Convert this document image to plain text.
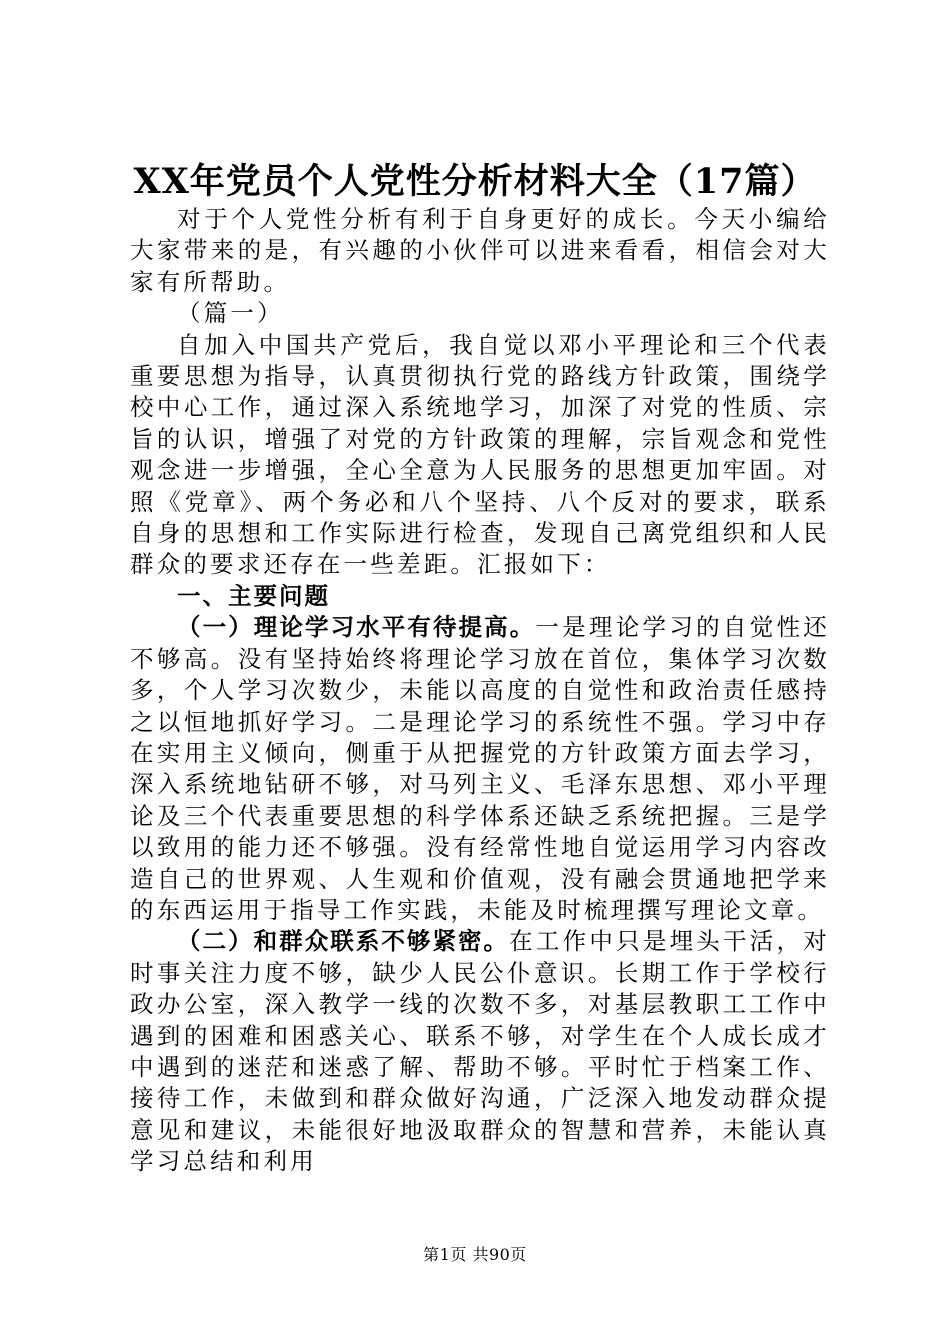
XX年党员个人党性分析材料大全（17篇）

对于个人党性分析有利于自身更好的成长。今天小编给大家带来的是，有兴趣的小伙伴可以进来看看，相信会对大家有所帮助。

（篇一）

自加入中国共产党后，我自觉以邓小平理论和三个代表重要思想为指导，认真贯彻执行党的路线方针政策，围绕学校中心工作，通过深入系统地学习，加深了对党的性质、宗旨的认识，增强了对党的方针政策的理解，宗旨观念和党性观念进一步增强，全心全意为人民服务的思想更加牢固。对照《党章》、两个务必和八个坚持、八个反对的要求，联系自身的思想和工作实际进行检查，发现自己离党组织和人民群众的要求还存在一些差距。汇报如下：

一、主要问题

（一）理论学习水平有待提高。一是理论学习的自觉性还不够高。没有坚持始终将理论学习放在首位，集体学习次数多，个人学习次数少，未能以高度的自觉性和政治责任感持之以恒地抓好学习。二是理论学习的系统性不强。学习中存在实用主义倾向，侧重于从把握党的方针政策方面去学习，深入系统地钻研不够，对马列主义、毛泽东思想、邓小平理论及三个代表重要思想的科学体系还缺乏系统把握。三是学以致用的能力还不够强。没有经常性地自觉运用学习内容改造自己的世界观、人生观和价值观，没有融会贯通地把学来的东西运用于指导工作实践，未能及时梳理撰写理论文章。

（二）和群众联系不够紧密。在工作中只是埋头干活，对时事关注力度不够，缺少人民公仆意识。长期工作于学校行政办公室，深入教学一线的次数不多，对基层教职工工作中遇到的困难和困惑关心、联系不够，对学生在个人成长成才中遇到的迷茫和迷惑了解、帮助不够。平时忙于档案工作、接待工作，未做到和群众做好沟通，广泛深入地发动群众提意见和建议，未能很好地汲取群众的智慧和营养，未能认真学习总结和利用

第1页 共90页
